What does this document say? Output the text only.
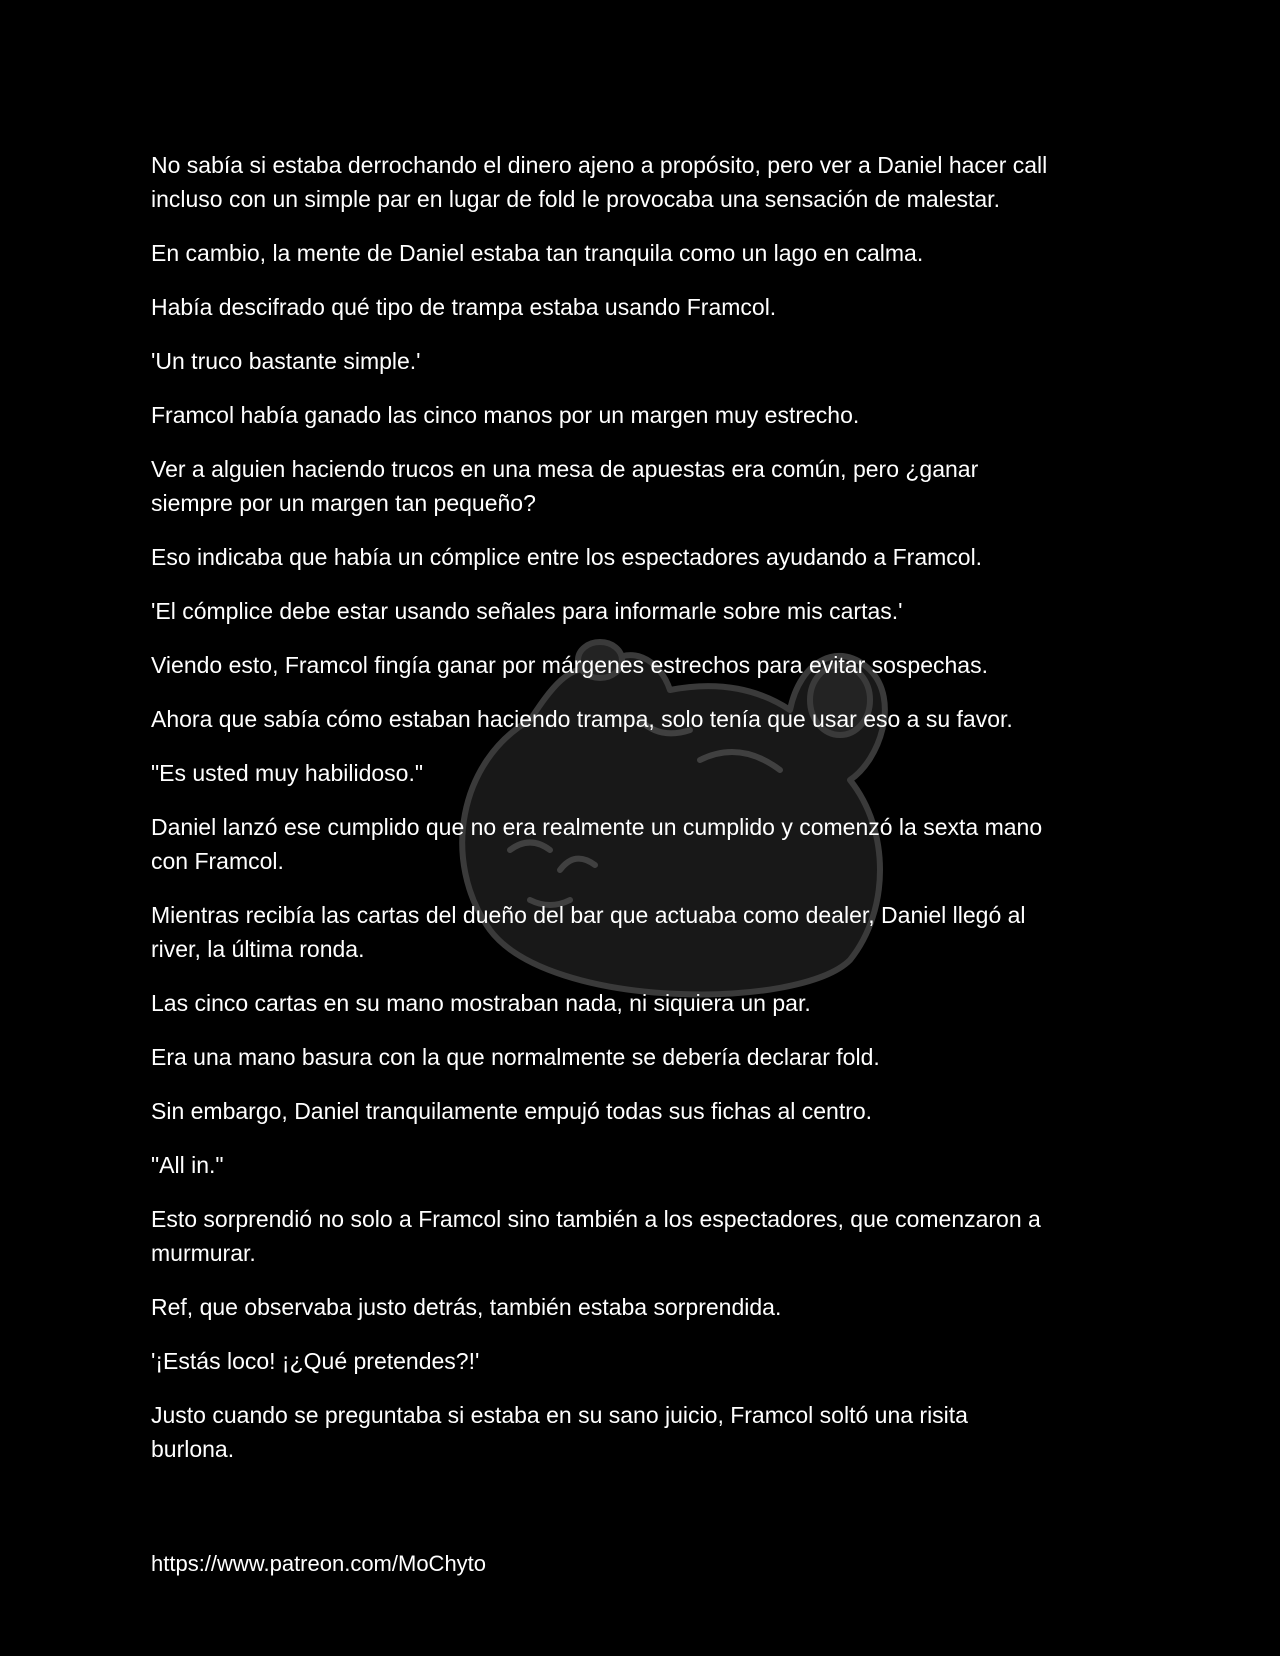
No sabía si estaba derrochando el dinero ajeno a propósito, pero ver a Daniel hacer call
incluso con un simple par en lugar de fold le provocaba una sensación de malestar.

En cambio, la mente de Daniel estaba tan tranquila como un lago en calma.

Había descifrado qué tipo de trampa estaba usando Framcol.

'Un truco bastante simple.'

Framcol había ganado las cinco manos por un margen muy estrecho.

Ver a alguien haciendo trucos en una mesa de apuestas era común, pero ¿ganar
siempre por un margen tan pequeño?

Eso indicaba que había un cómplice entre los espectadores ayudando a Framcol.

'El cómplice debe estar usando señales para informarle sobre mis cartas.'

Viendo esto, Framcol fingía ganar por márgenes estrechos para evitar sospechas.

Ahora que sabía cómo estaban haciendo trampa, solo tenía que usar eso a su favor.

"Es usted muy habilidoso."

Daniel lanzó ese cumplido que no era realmente un cumplido y comenzó la sexta mano
con Framcol.

Mientras recibía las cartas del dueño del bar que actuaba como dealer, Daniel llegó al
river, la última ronda.

Las cinco cartas en su mano mostraban nada, ni siquiera un par.

Era una mano basura con la que normalmente se debería declarar fold.

Sin embargo, Daniel tranquilamente empujó todas sus fichas al centro.

"All in."

Esto sorprendió no solo a Framcol sino también a los espectadores, que comenzaron a
murmurar.

Ref, que observaba justo detrás, también estaba sorprendida.

'¡Estás loco! ¡¿Qué pretendes?!'

Justo cuando se preguntaba si estaba en su sano juicio, Framcol soltó una risita
burlona.

https://www.patreon.com/MoChyto
